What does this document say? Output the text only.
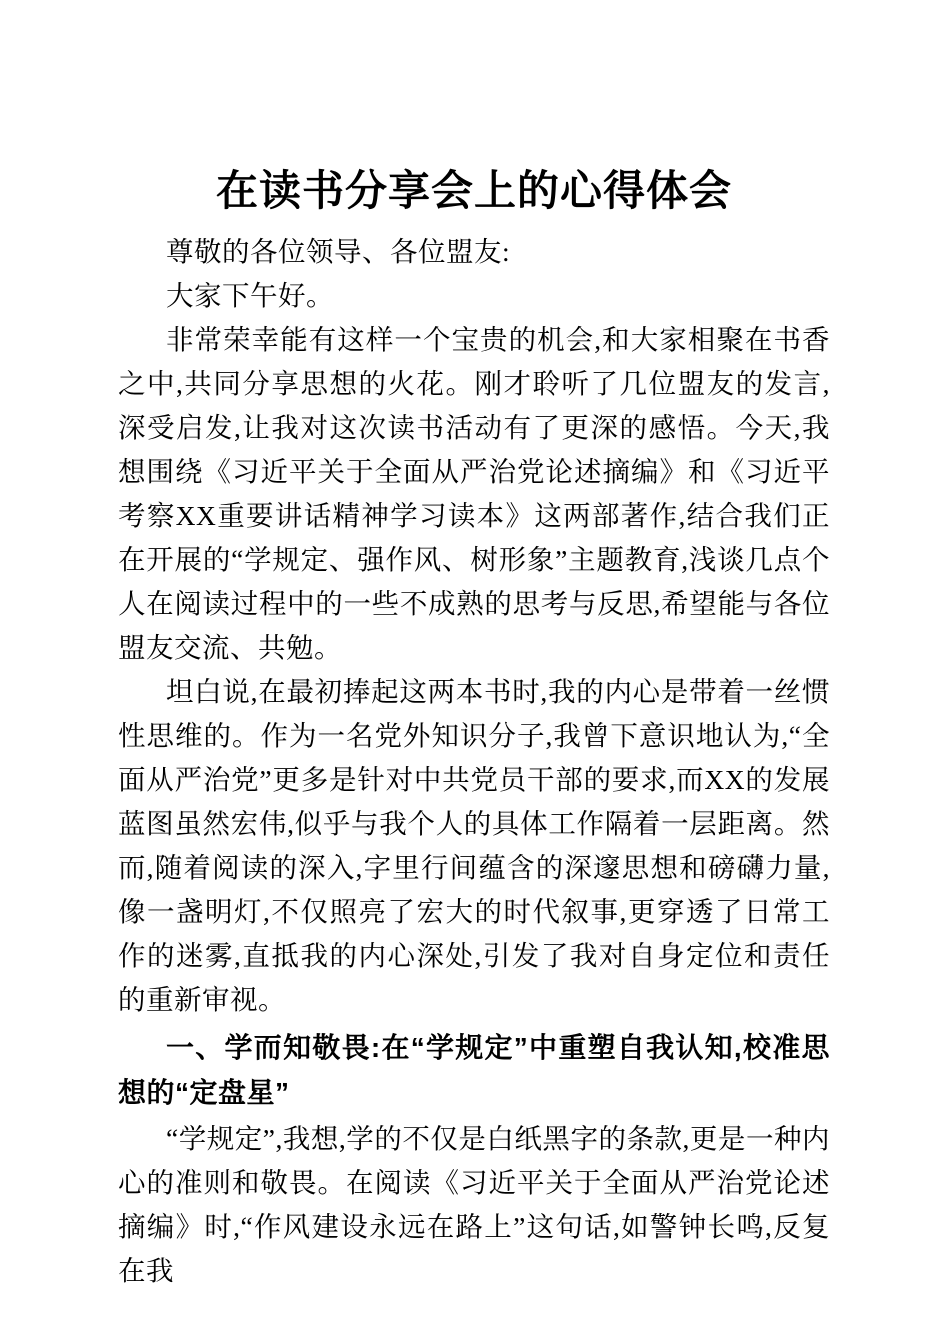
在读书分享会上的心得体会

尊敬的各位领导、各位盟友:

大家下午好。

非常荣幸能有这样一个宝贵的机会,和大家相聚在书香之中,共同分享思想的火花。刚才聆听了几位盟友的发言,深受启发,让我对这次读书活动有了更深的感悟。今天,我想围绕《习近平关于全面从严治党论述摘编》和《习近平考察XX重要讲话精神学习读本》这两部著作,结合我们正在开展的“学规定、强作风、树形象”主题教育,浅谈几点个人在阅读过程中的一些不成熟的思考与反思,希望能与各位盟友交流、共勉。

坦白说,在最初捧起这两本书时,我的内心是带着一丝惯性思维的。作为一名党外知识分子,我曾下意识地认为,“全面从严治党”更多是针对中共党员干部的要求,而XX的发展蓝图虽然宏伟,似乎与我个人的具体工作隔着一层距离。然而,随着阅读的深入,字里行间蕴含的深邃思想和磅礴力量,像一盏明灯,不仅照亮了宏大的时代叙事,更穿透了日常工作的迷雾,直抵我的内心深处,引发了我对自身定位和责任的重新审视。

一、学而知敬畏:在“学规定”中重塑自我认知,校准思想的“定盘星”

“学规定”,我想,学的不仅是白纸黑字的条款,更是一种内心的准则和敬畏。在阅读《习近平关于全面从严治党论述摘编》时,“作风建设永远在路上”这句话,如警钟长鸣,反复在我
